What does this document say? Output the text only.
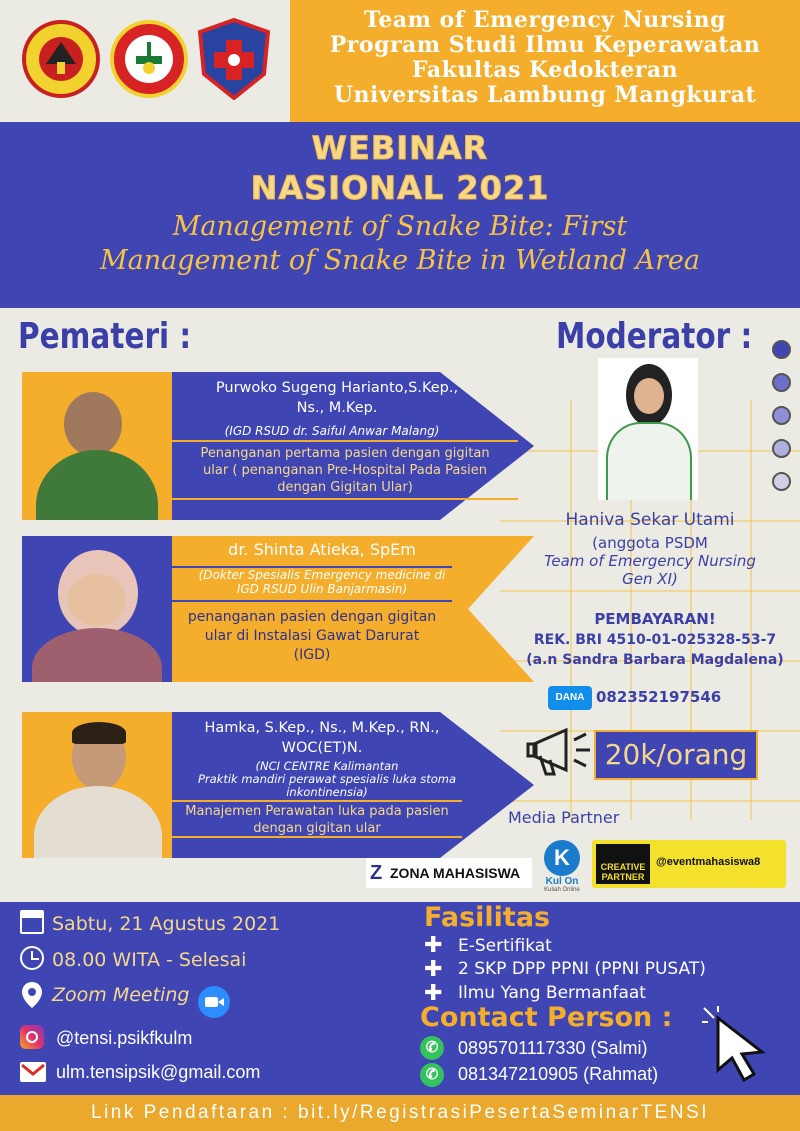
Team of Emergency Nursing
Program Studi Ilmu Keperawatan
Fakultas Kedokteran
Universitas Lambung Mangkurat
WEBINAR
NASIONAL 2021
Management of Snake Bite: First
Management of Snake Bite in Wetland Area
Pemateri :	Moderator :
Purwoko Sugeng Harianto,S.Kep.,
Ns., M.Kep.
(IGD RSUD dr. Saiful Anwar Malang)
Penanganan pertama pasien dengan gigitan
ular ( penanganan Pre-Hospital Pada Pasien
dengan Gigitan Ular)
dr. Shinta Atieka, SpEm
(Dokter Spesialis Emergency medicine di
IGD RSUD Ulin Banjarmasin)
penanganan pasien dengan gigitan
ular di Instalasi Gawat Darurat
(IGD)
Hamka, S.Kep., Ns., M.Kep., RN.,
WOC(ET)N.
(NCI CENTRE Kalimantan
Praktik mandiri perawat spesialis luka stoma
inkontinensia)
Manajemen Perawatan luka pada pasien
dengan gigitan ular
Haniva Sekar Utami
(anggota PSDM
Team of Emergency Nursing
Gen XI)
PEMBAYARAN!
REK. BRI 4510-01-025328-53-7
(a.n Sandra Barbara Magdalena)
DANA 082352197546
20k/orang
Media Partner
Z ZONA MAHASISWA
K
Kul On
Kuliah Online
CREATIVE
PARTNER
@eventmahasiswa8
Sabtu, 21 Agustus 2021
08.00 WITA - Selesai
Zoom Meeting
@tensi.psikfkulm
ulm.tensipsik@gmail.com
Fasilitas
✚ E-Sertifikat
✚ 2 SKP DPP PPNI (PPNI PUSAT)
✚ Ilmu Yang Bermanfaat
Contact Person :
✆	0895701117330 (Salmi)
✆	081347210905 (Rahmat)
Link Pendaftaran : bit.ly/RegistrasiPesertaSeminarTENSI
